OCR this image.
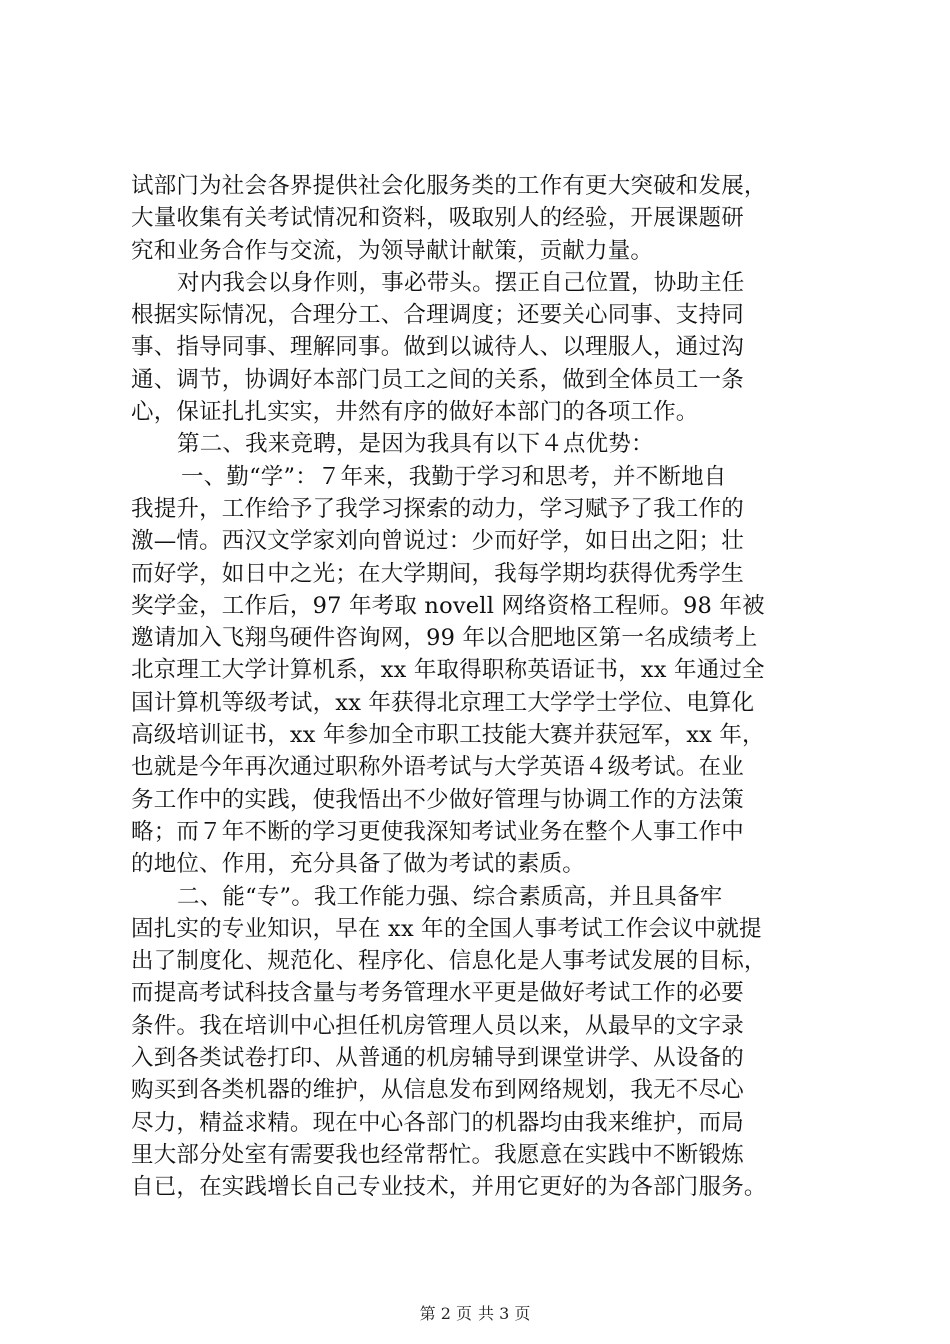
试部门为社会各界提供社会化服务类的工作有更大突破和发展，
大量收集有关考试情况和资料，吸取别人的经验，开展课题研
究和业务合作与交流，为领导献计献策，贡献力量。
对内我会以身作则，事必带头。摆正自己位置，协助主任
根据实际情况，合理分工、合理调度；还要关心同事、支持同
事、指导同事、理解同事。做到以诚待人、以理服人，通过沟
通、调节，协调好本部门员工之间的关系，做到全体员工一条
心，保证扎扎实实，井然有序的做好本部门的各项工作。
第二、我来竞聘，是因为我具有以下４点优势：
一、勤“学”：７年来，我勤于学习和思考，并不断地自
我提升，工作给予了我学习探索的动力，学习赋予了我工作的
激—情。西汉文学家刘向曾说过：少而好学，如日出之阳；壮
而好学，如日中之光；在大学期间，我每学期均获得优秀学生
奖学金，工作后，97 年考取 novell 网络资格工程师。98 年被
邀请加入飞翔鸟硬件咨询网，99 年以合肥地区第一名成绩考上
北京理工大学计算机系，xx 年取得职称英语证书，xx 年通过全
国计算机等级考试，xx 年获得北京理工大学学士学位、电算化
高级培训证书，xx 年参加全市职工技能大赛并获冠军，xx 年，
也就是今年再次通过职称外语考试与大学英语４级考试。在业
务工作中的实践，使我悟出不少做好管理与协调工作的方法策
略；而７年不断的学习更使我深知考试业务在整个人事工作中
的地位、作用，充分具备了做为考试的素质。
二、能“专”。我工作能力强、综合素质高，并且具备牢
固扎实的专业知识，早在 xx 年的全国人事考试工作会议中就提
出了制度化、规范化、程序化、信息化是人事考试发展的目标，
而提高考试科技含量与考务管理水平更是做好考试工作的必要
条件。我在培训中心担任机房管理人员以来，从最早的文字录
入到各类试卷打印、从普通的机房辅导到课堂讲学、从设备的
购买到各类机器的维护，从信息发布到网络规划，我无不尽心
尽力，精益求精。现在中心各部门的机器均由我来维护，而局
里大部分处室有需要我也经常帮忙。我愿意在实践中不断锻炼
自已，在实践增长自己专业技术，并用它更好的为各部门服务。
第 2 页 共 3 页
